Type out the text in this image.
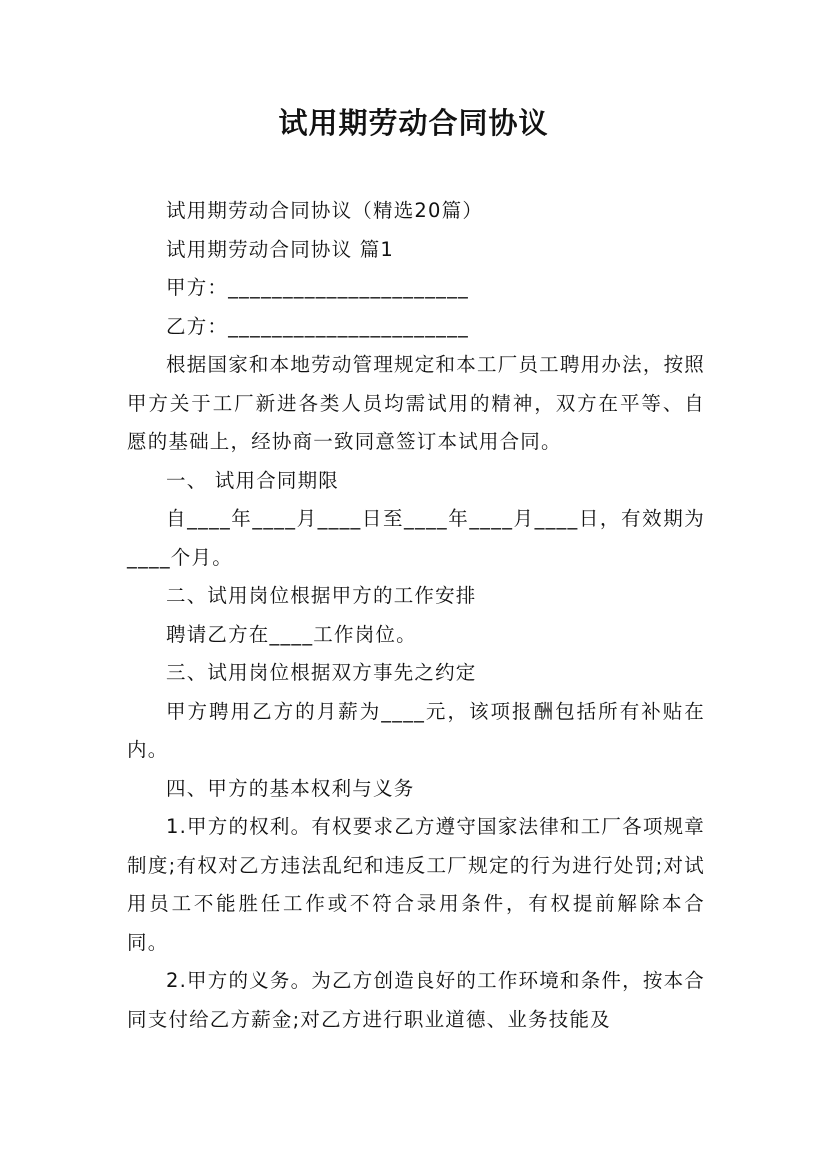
试用期劳动合同协议

试用期劳动合同协议（精选20篇）

试用期劳动合同协议 篇1

甲方：______________________

乙方：______________________

根据国家和本地劳动管理规定和本工厂员工聘用办法，按照甲方关于工厂新进各类人员均需试用的精神，双方在平等、自愿的基础上，经协商一致同意签订本试用合同。

一、 试用合同期限

自____年____月____日至____年____月____日，有效期为____个月。

二、试用岗位根据甲方的工作安排

聘请乙方在____工作岗位。

三、试用岗位根据双方事先之约定

甲方聘用乙方的月薪为____元，该项报酬包括所有补贴在内。

四、甲方的基本权利与义务

1.甲方的权利。有权要求乙方遵守国家法律和工厂各项规章制度;有权对乙方违法乱纪和违反工厂规定的行为进行处罚;对试用员工不能胜任工作或不符合录用条件，有权提前解除本合同。

2.甲方的义务。为乙方创造良好的工作环境和条件，按本合同支付给乙方薪金;对乙方进行职业道德、业务技能及
